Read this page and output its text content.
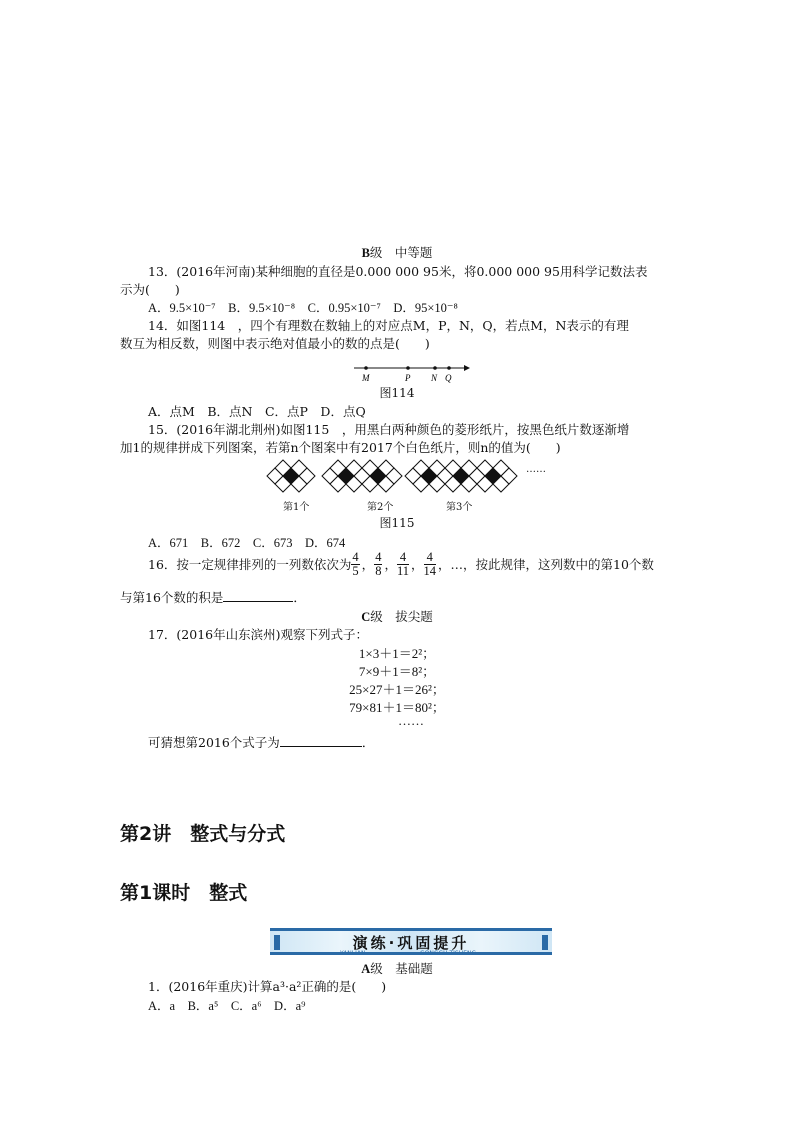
B级　中等题
13．(2016年河南)某种细胞的直径是0.000 000 95米，将0.000 000 95用科学记数法表
示为(　　)
A．9.5×10⁻⁷　B．9.5×10⁻⁸　C．0.95×10⁻⁷　D．95×10⁻⁸
14．如图114　，四个有理数在数轴上的对应点M，P，N，Q，若点M，N表示的有理
数互为相反数，则图中表示绝对值最小的数的点是(　　)
M	P N Q
图114
A．点M　B．点N　C．点P　D．点Q
15．(2016年湖北荆州)如图115　，用黑白两种颜色的菱形纸片，按黑色纸片数逐渐增
加1的规律拼成下列图案，若第n个图案中有2017个白色纸片，则n的值为(　　)
第1个	第2个	第3个
……
图115
A．671　B．672　C．673　D．674
16．按一定规律排列的一列数依次为 $\frac{4}{5}$ ， $\frac{4}{8}$ ， $\frac{4}{11}$ ， $\frac{4}{14}$ ，…，按此规律，这列数中的第10个数
与第16个数的积是	．
C级　拔尖题
17．(2016年山东滨州)观察下列式子：
1×3＋1＝2²；
7×9＋1＝8²；
25×27＋1＝26²；
79×81＋1＝80²；
……
可猜想第2016个式子为	．
第2讲　整式与分式
第1课时　整式
演练·巩固提升
YANLIAN	GONGGU TISHENG
A级　基础题
1．(2016年重庆)计算a³·a²正确的是(　　)
A．a　B．a⁵　C．a⁶　D．a⁹
